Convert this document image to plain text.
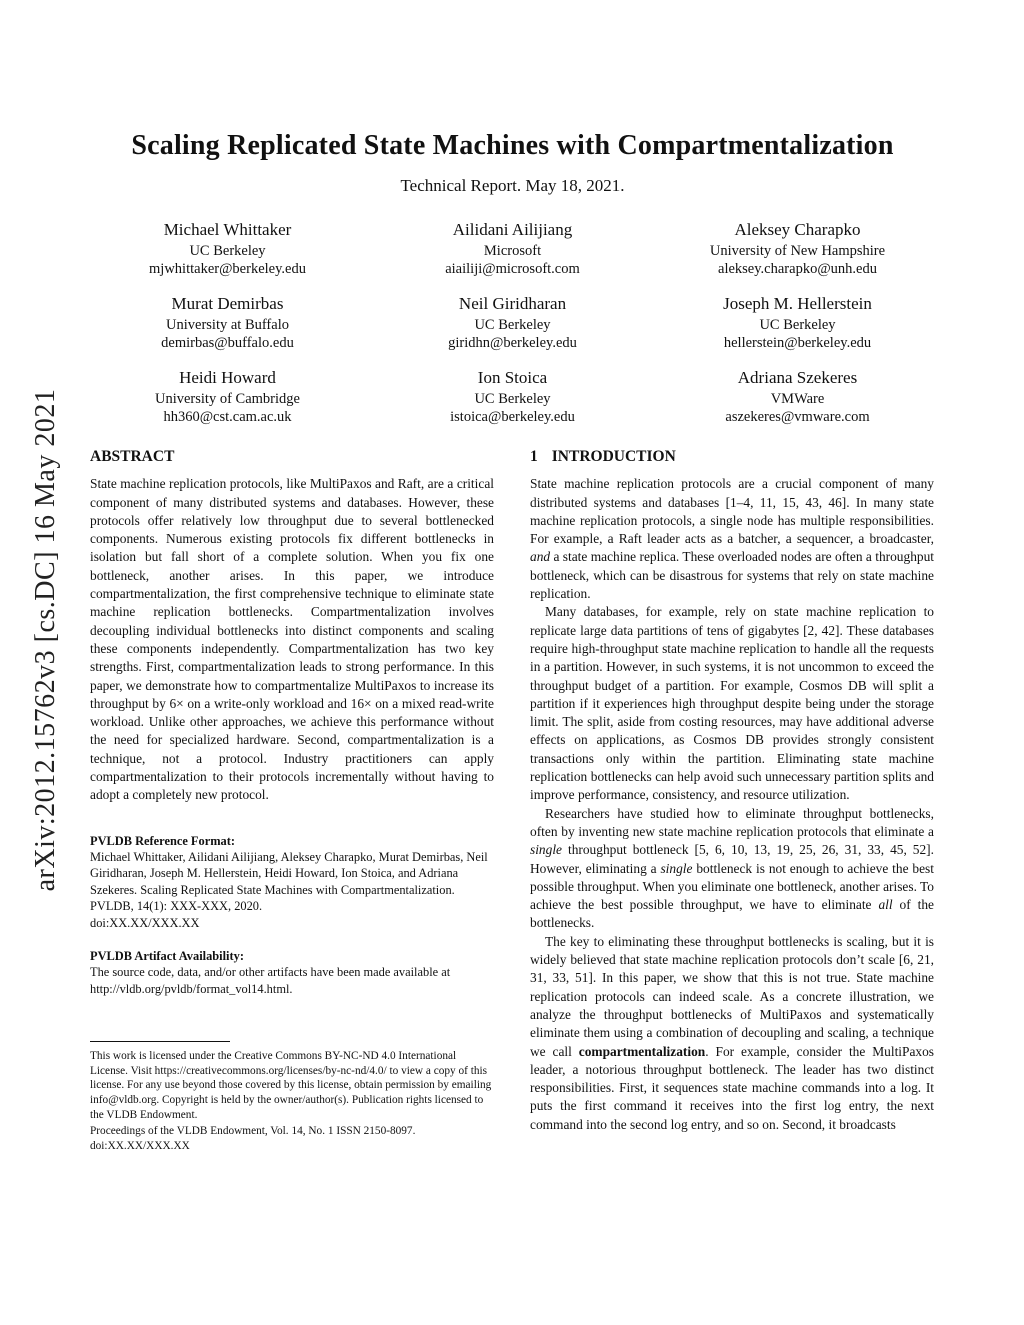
arXiv:2012.15762v3 [cs.DC] 16 May 2021
Scaling Replicated State Machines with Compartmentalization
Technical Report. May 18, 2021.
Michael Whittaker
UC Berkeley
mjwhittaker@berkeley.edu
Ailidani Ailijiang
Microsoft
aiailiji@microsoft.com
Aleksey Charapko
University of New Hampshire
aleksey.charapko@unh.edu
Murat Demirbas
University at Buffalo
demirbas@buffalo.edu
Neil Giridharan
UC Berkeley
giridhn@berkeley.edu
Joseph M. Hellerstein
UC Berkeley
hellerstein@berkeley.edu
Heidi Howard
University of Cambridge
hh360@cst.cam.ac.uk
Ion Stoica
UC Berkeley
istoica@berkeley.edu
Adriana Szekeres
VMWare
aszekeres@vmware.com
ABSTRACT

State machine replication protocols, like MultiPaxos and Raft, are a critical component of many distributed systems and databases. However, these protocols offer relatively low throughput due to several bottlenecked components. Numerous existing protocols fix different bottlenecks in isolation but fall short of a complete solution. When you fix one bottleneck, another arises. In this paper, we introduce compartmentalization, the first comprehensive technique to eliminate state machine replication bottlenecks. Compartmentalization involves decoupling individual bottlenecks into distinct components and scaling these components independently. Compartmentalization has two key strengths. First, compartmentalization leads to strong performance. In this paper, we demonstrate how to compartmentalize MultiPaxos to increase its throughput by 6× on a write-only workload and 16× on a mixed read-write workload. Unlike other approaches, we achieve this performance without the need for specialized hardware. Second, compartmentalization is a technique, not a protocol. Industry practitioners can apply compartmentalization to their protocols incrementally without having to adopt a completely new protocol.

PVLDB Reference Format:
Michael Whittaker, Ailidani Ailijiang, Aleksey Charapko, Murat Demirbas, Neil Giridharan, Joseph M. Hellerstein, Heidi Howard, Ion Stoica, and Adriana Szekeres. Scaling Replicated State Machines with Compartmentalization. PVLDB, 14(1): XXX-XXX, 2020.
doi:XX.XX/XXX.XX
PVLDB Artifact Availability:
The source code, data, and/or other artifacts have been made available at http://vldb.org/pvldb/format_vol14.html.

This work is licensed under the Creative Commons BY-NC-ND 4.0 International License. Visit https://creativecommons.org/licenses/by-nc-nd/4.0/ to view a copy of this license. For any use beyond those covered by this license, obtain permission by emailing info@vldb.org. Copyright is held by the owner/author(s). Publication rights licensed to the VLDB Endowment.

Proceedings of the VLDB Endowment, Vol. 14, No. 1 ISSN 2150-8097.

doi:XX.XX/XXX.XX

1 INTRODUCTION

State machine replication protocols are a crucial component of many distributed systems and databases [1–4, 11, 15, 43, 46]. In many state machine replication protocols, a single node has multiple responsibilities. For example, a Raft leader acts as a batcher, a sequencer, a broadcaster, and a state machine replica. These overloaded nodes are often a throughput bottleneck, which can be disastrous for systems that rely on state machine replication.

Many databases, for example, rely on state machine replication to replicate large data partitions of tens of gigabytes [2, 42]. These databases require high-throughput state machine replication to handle all the requests in a partition. However, in such systems, it is not uncommon to exceed the throughput budget of a partition. For example, Cosmos DB will split a partition if it experiences high throughput despite being under the storage limit. The split, aside from costing resources, may have additional adverse effects on applications, as Cosmos DB provides strongly consistent transactions only within the partition. Eliminating state machine replication bottlenecks can help avoid such unnecessary partition splits and improve performance, consistency, and resource utilization.

Researchers have studied how to eliminate throughput bottlenecks, often by inventing new state machine replication protocols that eliminate a single throughput bottleneck [5, 6, 10, 13, 19, 25, 26, 31, 33, 45, 52]. However, eliminating a single bottleneck is not enough to achieve the best possible throughput. When you eliminate one bottleneck, another arises. To achieve the best possible throughput, we have to eliminate all of the bottlenecks.

The key to eliminating these throughput bottlenecks is scaling, but it is widely believed that state machine replication protocols don’t scale [6, 21, 31, 33, 51]. In this paper, we show that this is not true. State machine replication protocols can indeed scale. As a concrete illustration, we analyze the throughput bottlenecks of MultiPaxos and systematically eliminate them using a combination of decoupling and scaling, a technique we call compartmentalization. For example, consider the MultiPaxos leader, a notorious throughput bottleneck. The leader has two distinct responsibilities. First, it sequences state machine commands into a log. It puts the first command it receives into the first log entry, the next command into the second log entry, and so on. Second, it broadcasts
